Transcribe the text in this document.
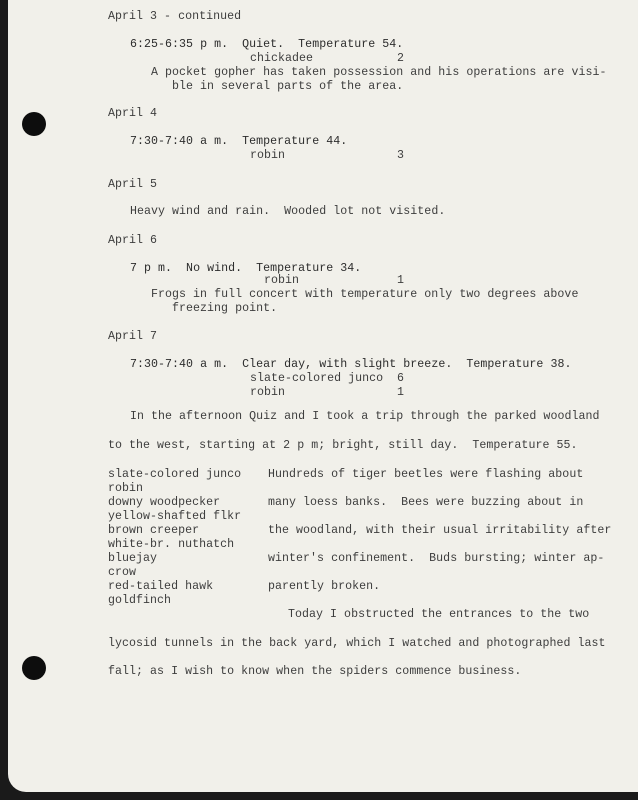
April 3 - continued
6:25-6:35 p m.  Quiet.  Temperature 54.
chickadee	2
A pocket gopher has taken possession and his operations are visi-
ble in several parts of the area.
April 4
7:30-7:40 a m.  Temperature 44.
robin	3
April 5
Heavy wind and rain.  Wooded lot not visited.
April 6
7 p m.  No wind.  Temperature 34.
robin	1
Frogs in full concert with temperature only two degrees above
freezing point.
April 7
7:30-7:40 a m.  Clear day, with slight breeze.  Temperature 38.
slate-colored junco 6
robin	1
In the afternoon Quiz and I took a trip through the parked woodland
to the west, starting at 2 p m; bright, still day.  Temperature 55.
slate-colored junco
robin
downy woodpecker
yellow-shafted flkr
brown creeper
white-br. nuthatch
bluejay
crow
red-tailed hawk
goldfinch
Hundreds of tiger beetles were flashing about
many loess banks.  Bees were buzzing about in
the woodland, with their usual irritability after
winter's confinement.  Buds bursting; winter ap-
parently broken.
Today I obstructed the entrances to the two
lycosid tunnels in the back yard, which I watched and photographed last
fall; as I wish to know when the spiders commence business.
